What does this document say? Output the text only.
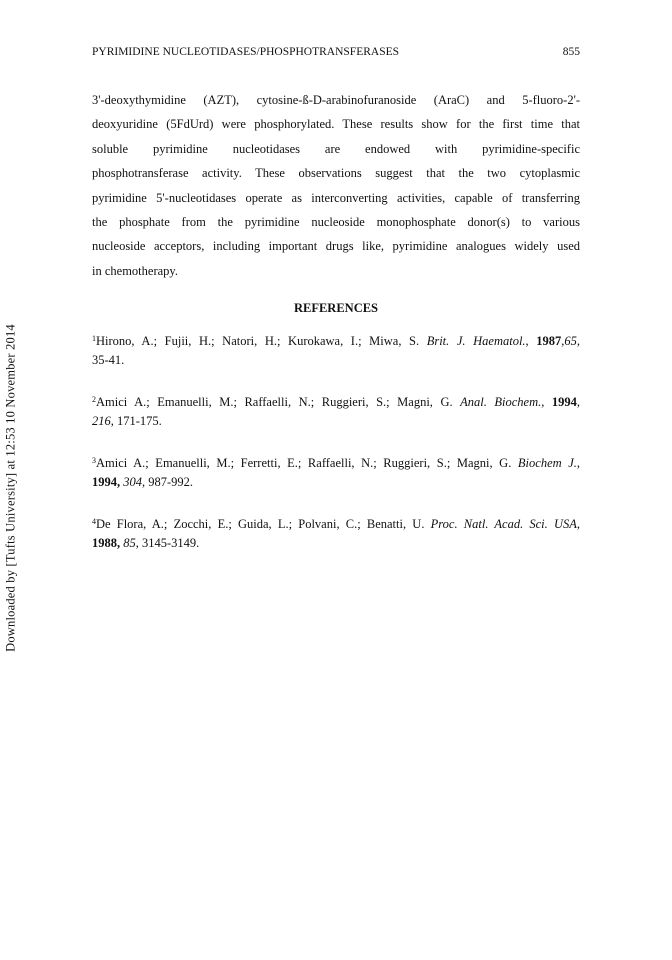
Downloaded by [Tufts University] at 12:53 10 November 2014
PYRIMIDINE NUCLEOTIDASES/PHOSPHOTRANSFERASES	855
3'-deoxythymidine (AZT), cytosine-ß-D-arabinofuranoside (AraC) and 5-fluoro-2'-
deoxyuridine (5FdUrd) were phosphorylated. These results show for the first time that
soluble pyrimidine nucleotidases are endowed with pyrimidine-specific
phosphotransferase activity. These observations suggest that the two cytoplasmic
pyrimidine 5'-nucleotidases operate as interconverting activities, capable of transferring
the phosphate from the pyrimidine nucleoside monophosphate donor(s) to various
nucleoside acceptors, including important drugs like, pyrimidine analogues widely used
in chemotherapy.
REFERENCES
$^1$Hirono, A.; Fujii, H.; Natori, H.; Kurokawa, I.; Miwa, S. Brit. J. Haematol., 1987,65,
35-41.
$^2$Amici A.; Emanuelli, M.; Raffaelli, N.; Ruggieri, S.; Magni, G. Anal. Biochem., 1994,
216, 171-175.
$^3$Amici A.; Emanuelli, M.; Ferretti, E.; Raffaelli, N.; Ruggieri, S.; Magni, G. Biochem J.,
1994, 304, 987-992.
$^4$De Flora, A.; Zocchi, E.; Guida, L.; Polvani, C.; Benatti, U. Proc. Natl. Acad. Sci. USA,
1988, 85, 3145-3149.
